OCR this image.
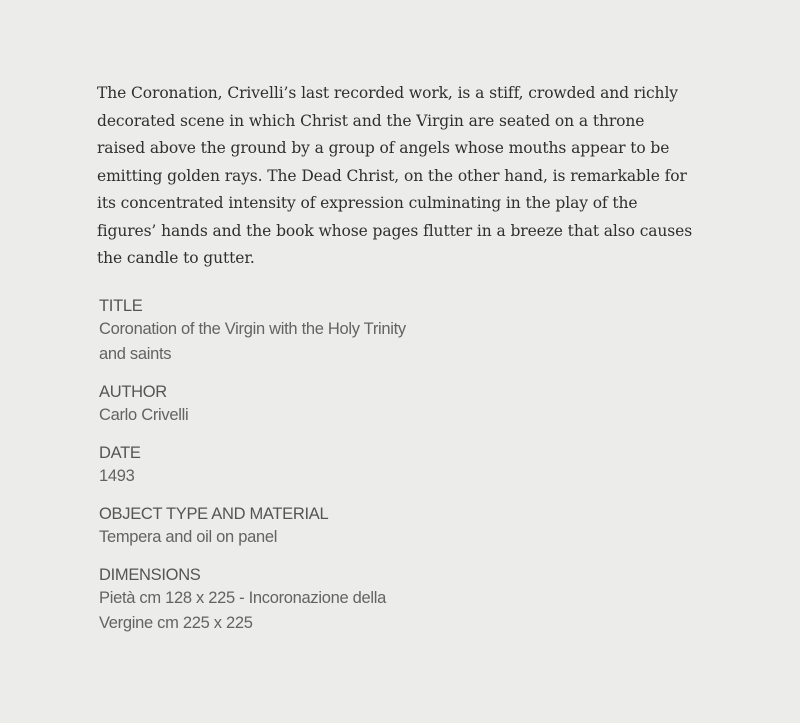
The Coronation, Crivelli’s last recorded work, is a stiff, crowded and richly decorated scene in which Christ and the Virgin are seated on a throne raised above the ground by a group of angels whose mouths appear to be emitting golden rays. The Dead Christ, on the other hand, is remarkable for its concentrated intensity of expression culminating in the play of the figures’ hands and the book whose pages flutter in a breeze that also causes the candle to gutter.

TITLE
Coronation of the Virgin with the Holy Trinity and saints
AUTHOR
Carlo Crivelli
DATE
1493
OBJECT TYPE AND MATERIAL
Tempera and oil on panel
DIMENSIONS
Pietà cm 128 x 225 - Incoronazione della Vergine cm 225 x 225
